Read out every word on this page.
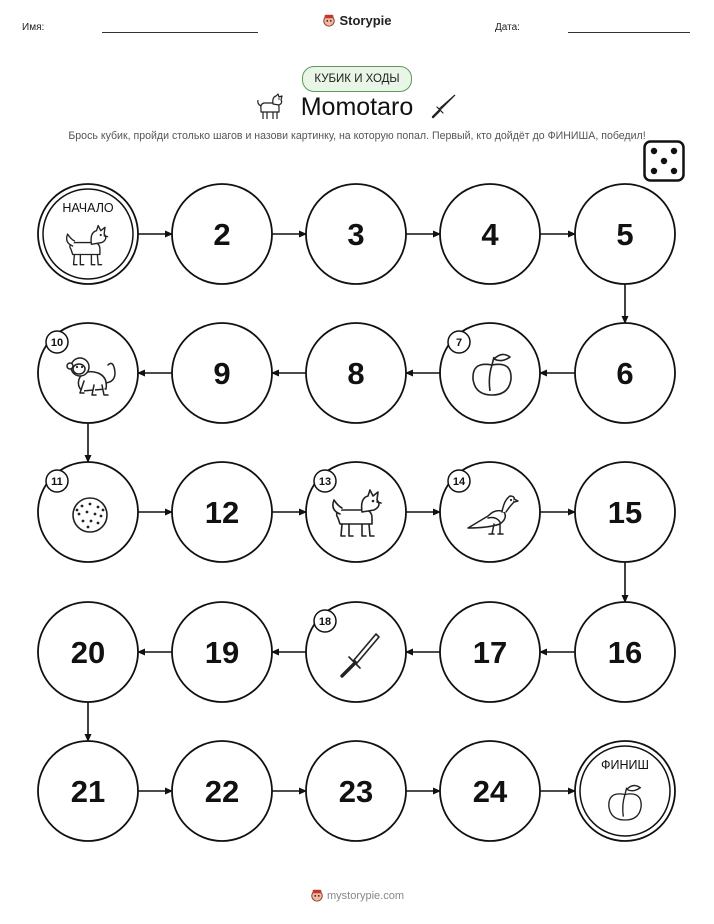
Имя:	Storypie	Дата:
КУБИК И ХОДЫ
Momotaro
Брось кубик, пройди столько шагов и назови картинку, на которую попал. Первый, кто дойдёт до ФИНИША, победил!
НАЧАЛО
2	3	4	5
6
7
8
9
10
11
12
13	14
15
16
17
18
19
20
21	22	23	24
ФИНИШ
mystorypie.com
